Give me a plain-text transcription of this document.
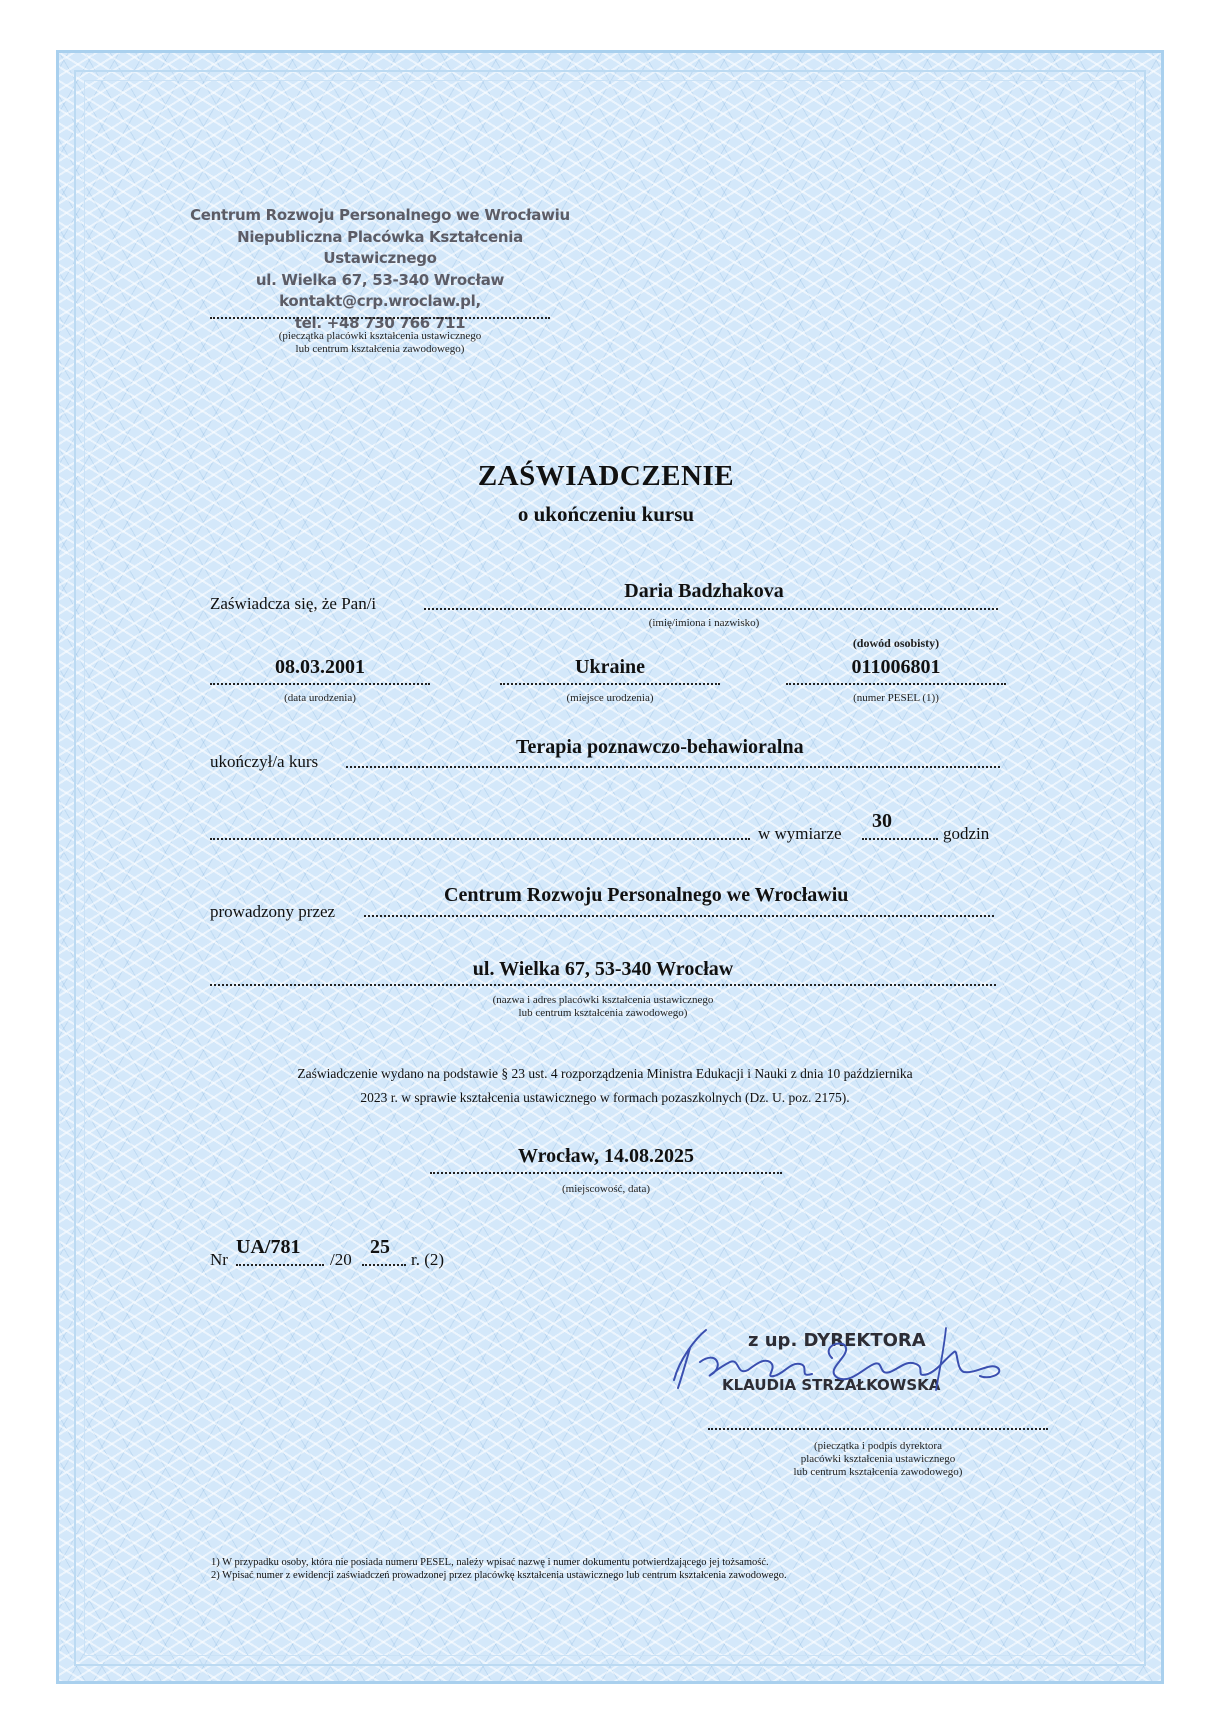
Centrum Rozwoju Personalnego we Wrocławiu
Niepubliczna Placówka Kształcenia Ustawicznego
ul. Wielka 67, 53-340 Wrocław
kontakt@crp.wroclaw.pl,
tel. +48 730 766 711
(pieczątka placówki kształcenia ustawicznego
lub centrum kształcenia zawodowego)
ZAŚWIADCZENIE
o ukończeniu kursu
Zaświadcza się, że Pan/i
Daria Badzhakova
(imię/imiona i nazwisko)
(dowód osobisty)
08.03.2001
(data urodzenia)
Ukraine
(miejsce urodzenia)
011006801
(numer PESEL (1))
ukończył/a kurs
Terapia poznawczo-behawioralna
w wymiarze
30
godzin
prowadzony przez
Centrum Rozwoju Personalnego we Wrocławiu
ul. Wielka 67, 53-340 Wrocław
(nazwa i adres placówki kształcenia ustawicznego
lub centrum kształcenia zawodowego)
Zaświadczenie wydano na podstawie § 23 ust. 4 rozporządzenia Ministra Edukacji i Nauki z dnia 10 października
2023 r. w sprawie kształcenia ustawicznego w formach pozaszkolnych (Dz. U. poz. 2175).
Wrocław, 14.08.2025
(miejscowość, data)
Nr
UA/781
/20
25
r. (2)
z up. DYREKTORA
KLAUDIA STRZAŁKOWSKA
(pieczątka i podpis dyrektora
placówki kształcenia ustawicznego
lub centrum kształcenia zawodowego)
1) W przypadku osoby, która nie posiada numeru PESEL, należy wpisać nazwę i numer dokumentu potwierdzającego jej tożsamość.
2) Wpisać numer z ewidencji zaświadczeń prowadzonej przez placówkę kształcenia ustawicznego lub centrum kształcenia zawodowego.
